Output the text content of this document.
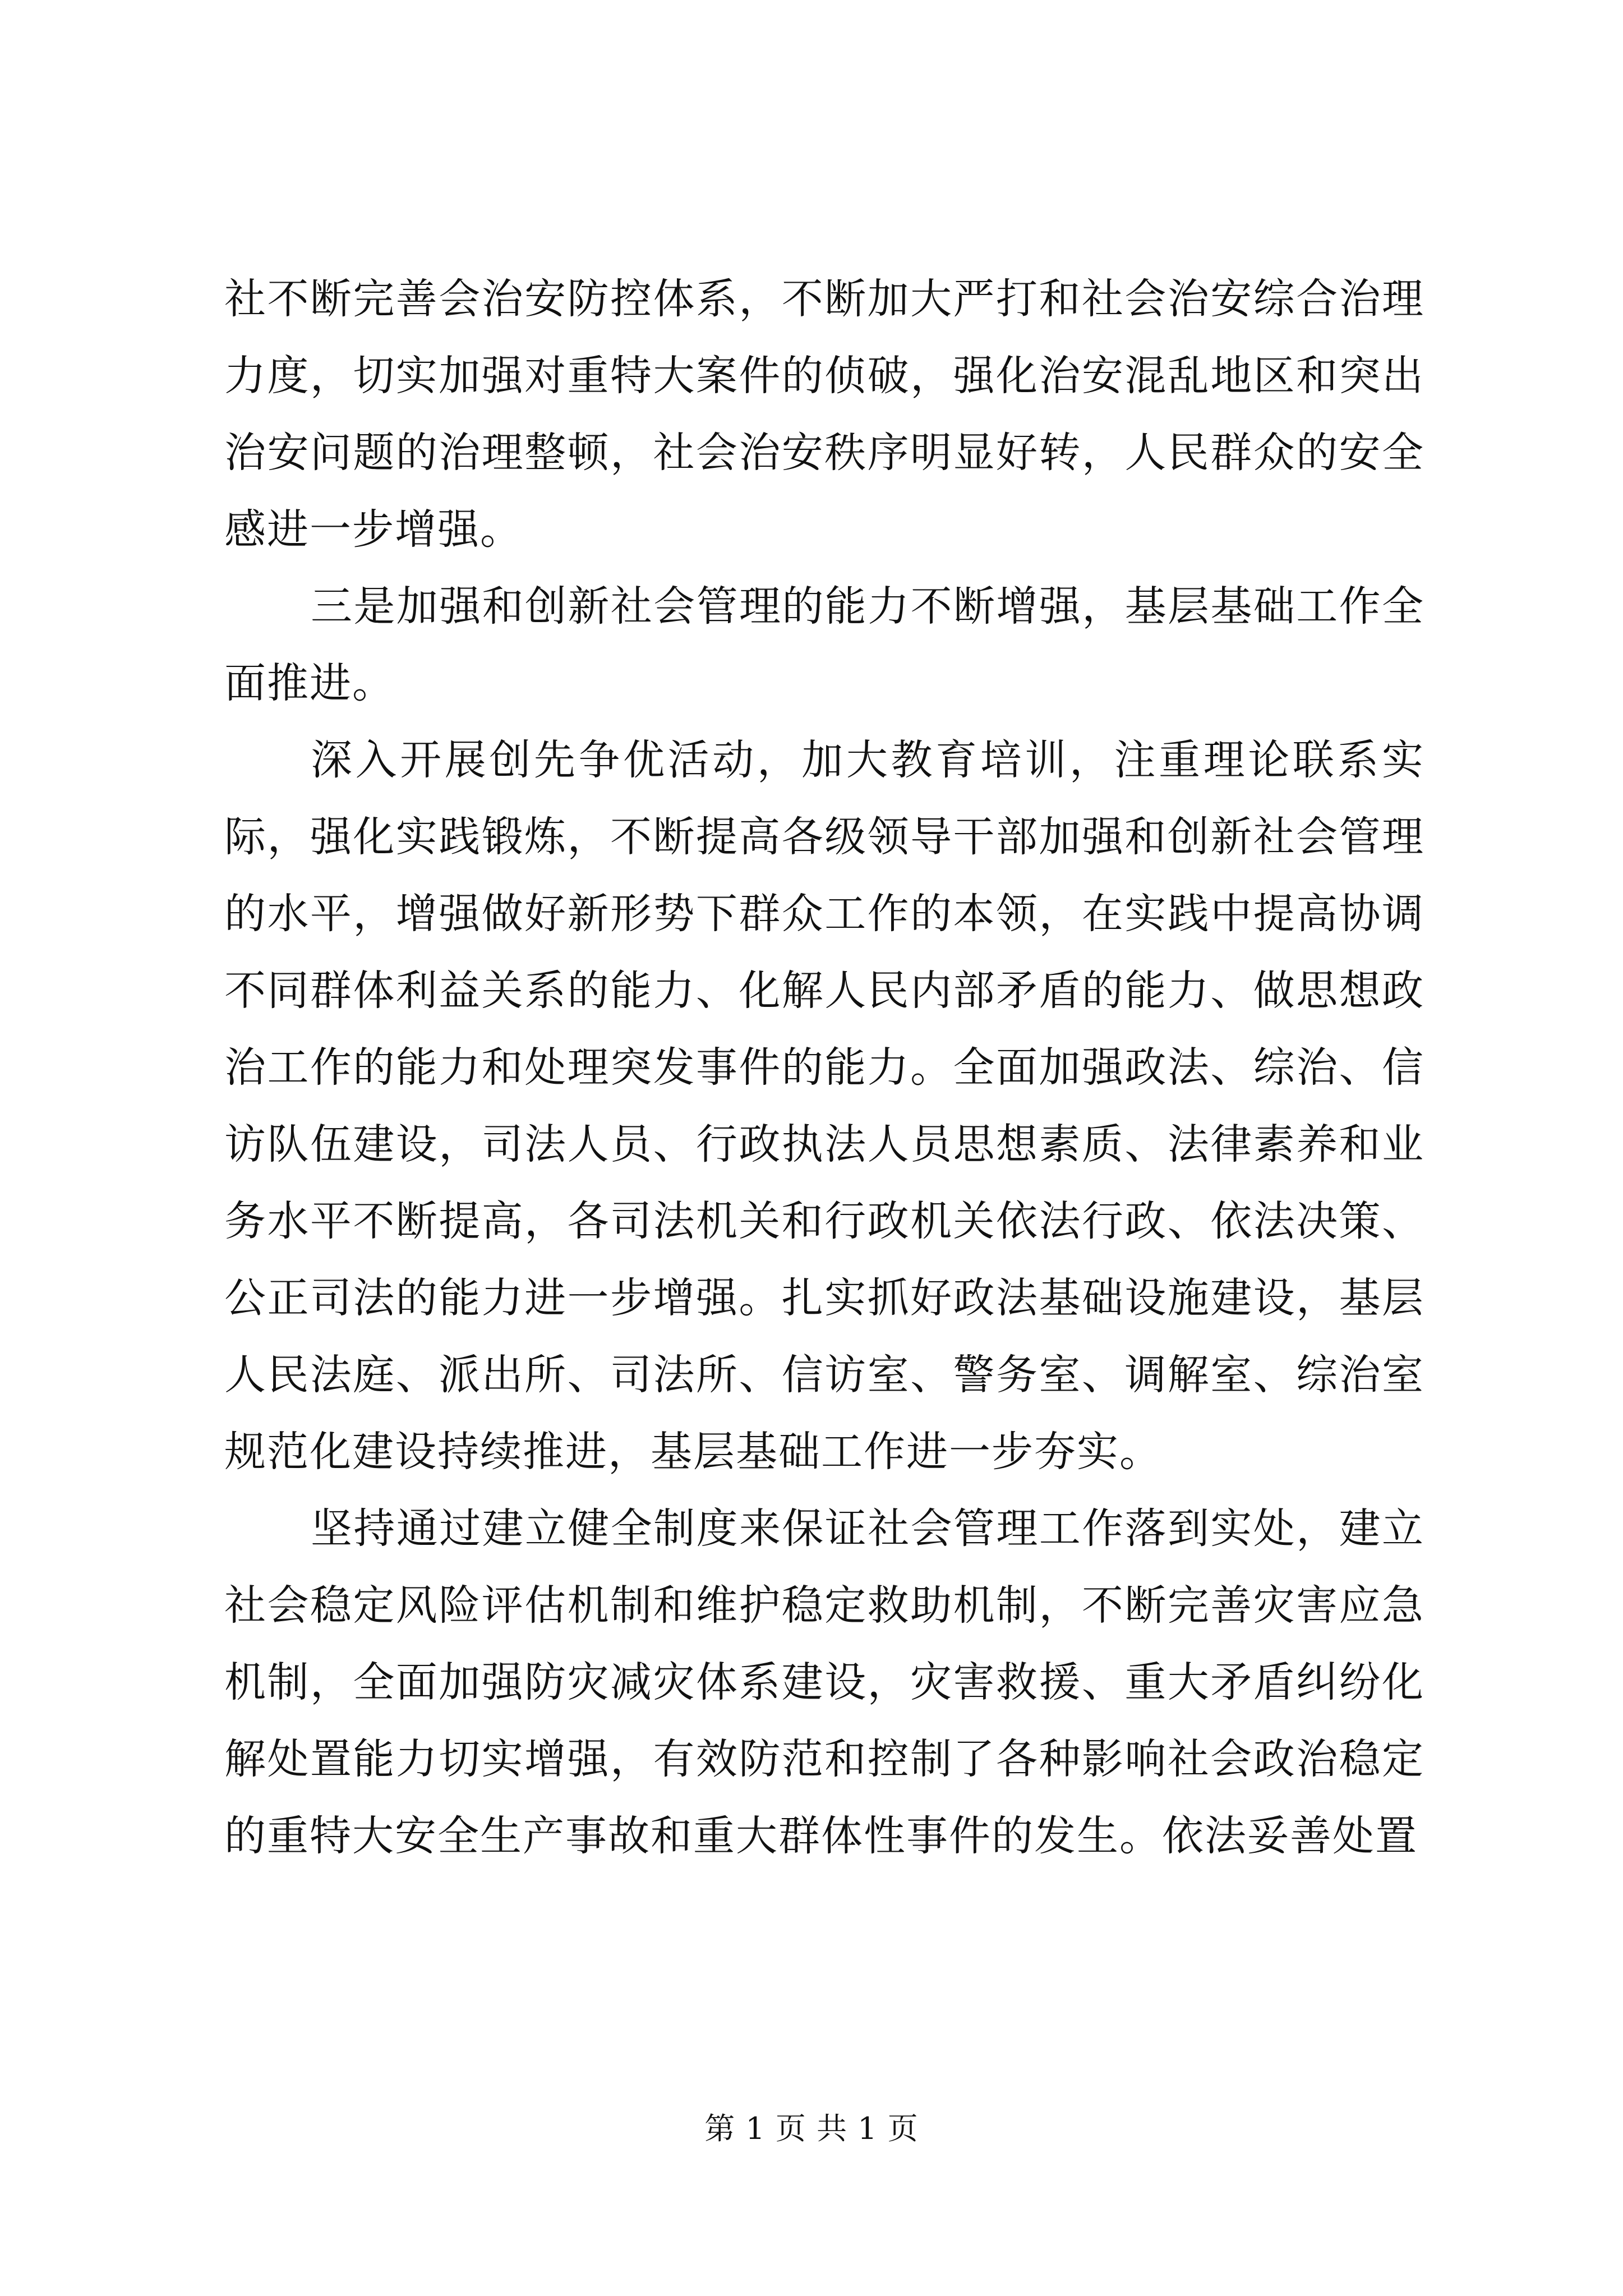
社不断完善会治安防控体系，不断加大严打和社会治安综合治理力度，切实加强对重特大案件的侦破，强化治安混乱地区和突出治安问题的治理整顿，社会治安秩序明显好转，人民群众的安全感进一步增强。

三是加强和创新社会管理的能力不断增强，基层基础工作全面推进。

深入开展创先争优活动，加大教育培训，注重理论联系实际，强化实践锻炼，不断提高各级领导干部加强和创新社会管理的水平，增强做好新形势下群众工作的本领，在实践中提高协调不同群体利益关系的能力、化解人民内部矛盾的能力、做思想政治工作的能力和处理突发事件的能力。全面加强政法、综治、信访队伍建设，司法人员、行政执法人员思想素质、法律素养和业务水平不断提高，各司法机关和行政机关依法行政、依法决策、公正司法的能力进一步增强。扎实抓好政法基础设施建设，基层人民法庭、派出所、司法所、信访室、警务室、调解室、综治室规范化建设持续推进，基层基础工作进一步夯实。

坚持通过建立健全制度来保证社会管理工作落到实处，建立社会稳定风险评估机制和维护稳定救助机制，不断完善灾害应急机制，全面加强防灾减灾体系建设，灾害救援、重大矛盾纠纷化解处置能力切实增强，有效防范和控制了各种影响社会政治稳定的重特大安全生产事故和重大群体性事件的发生。依法妥善处置

第 1 页 共 1 页
